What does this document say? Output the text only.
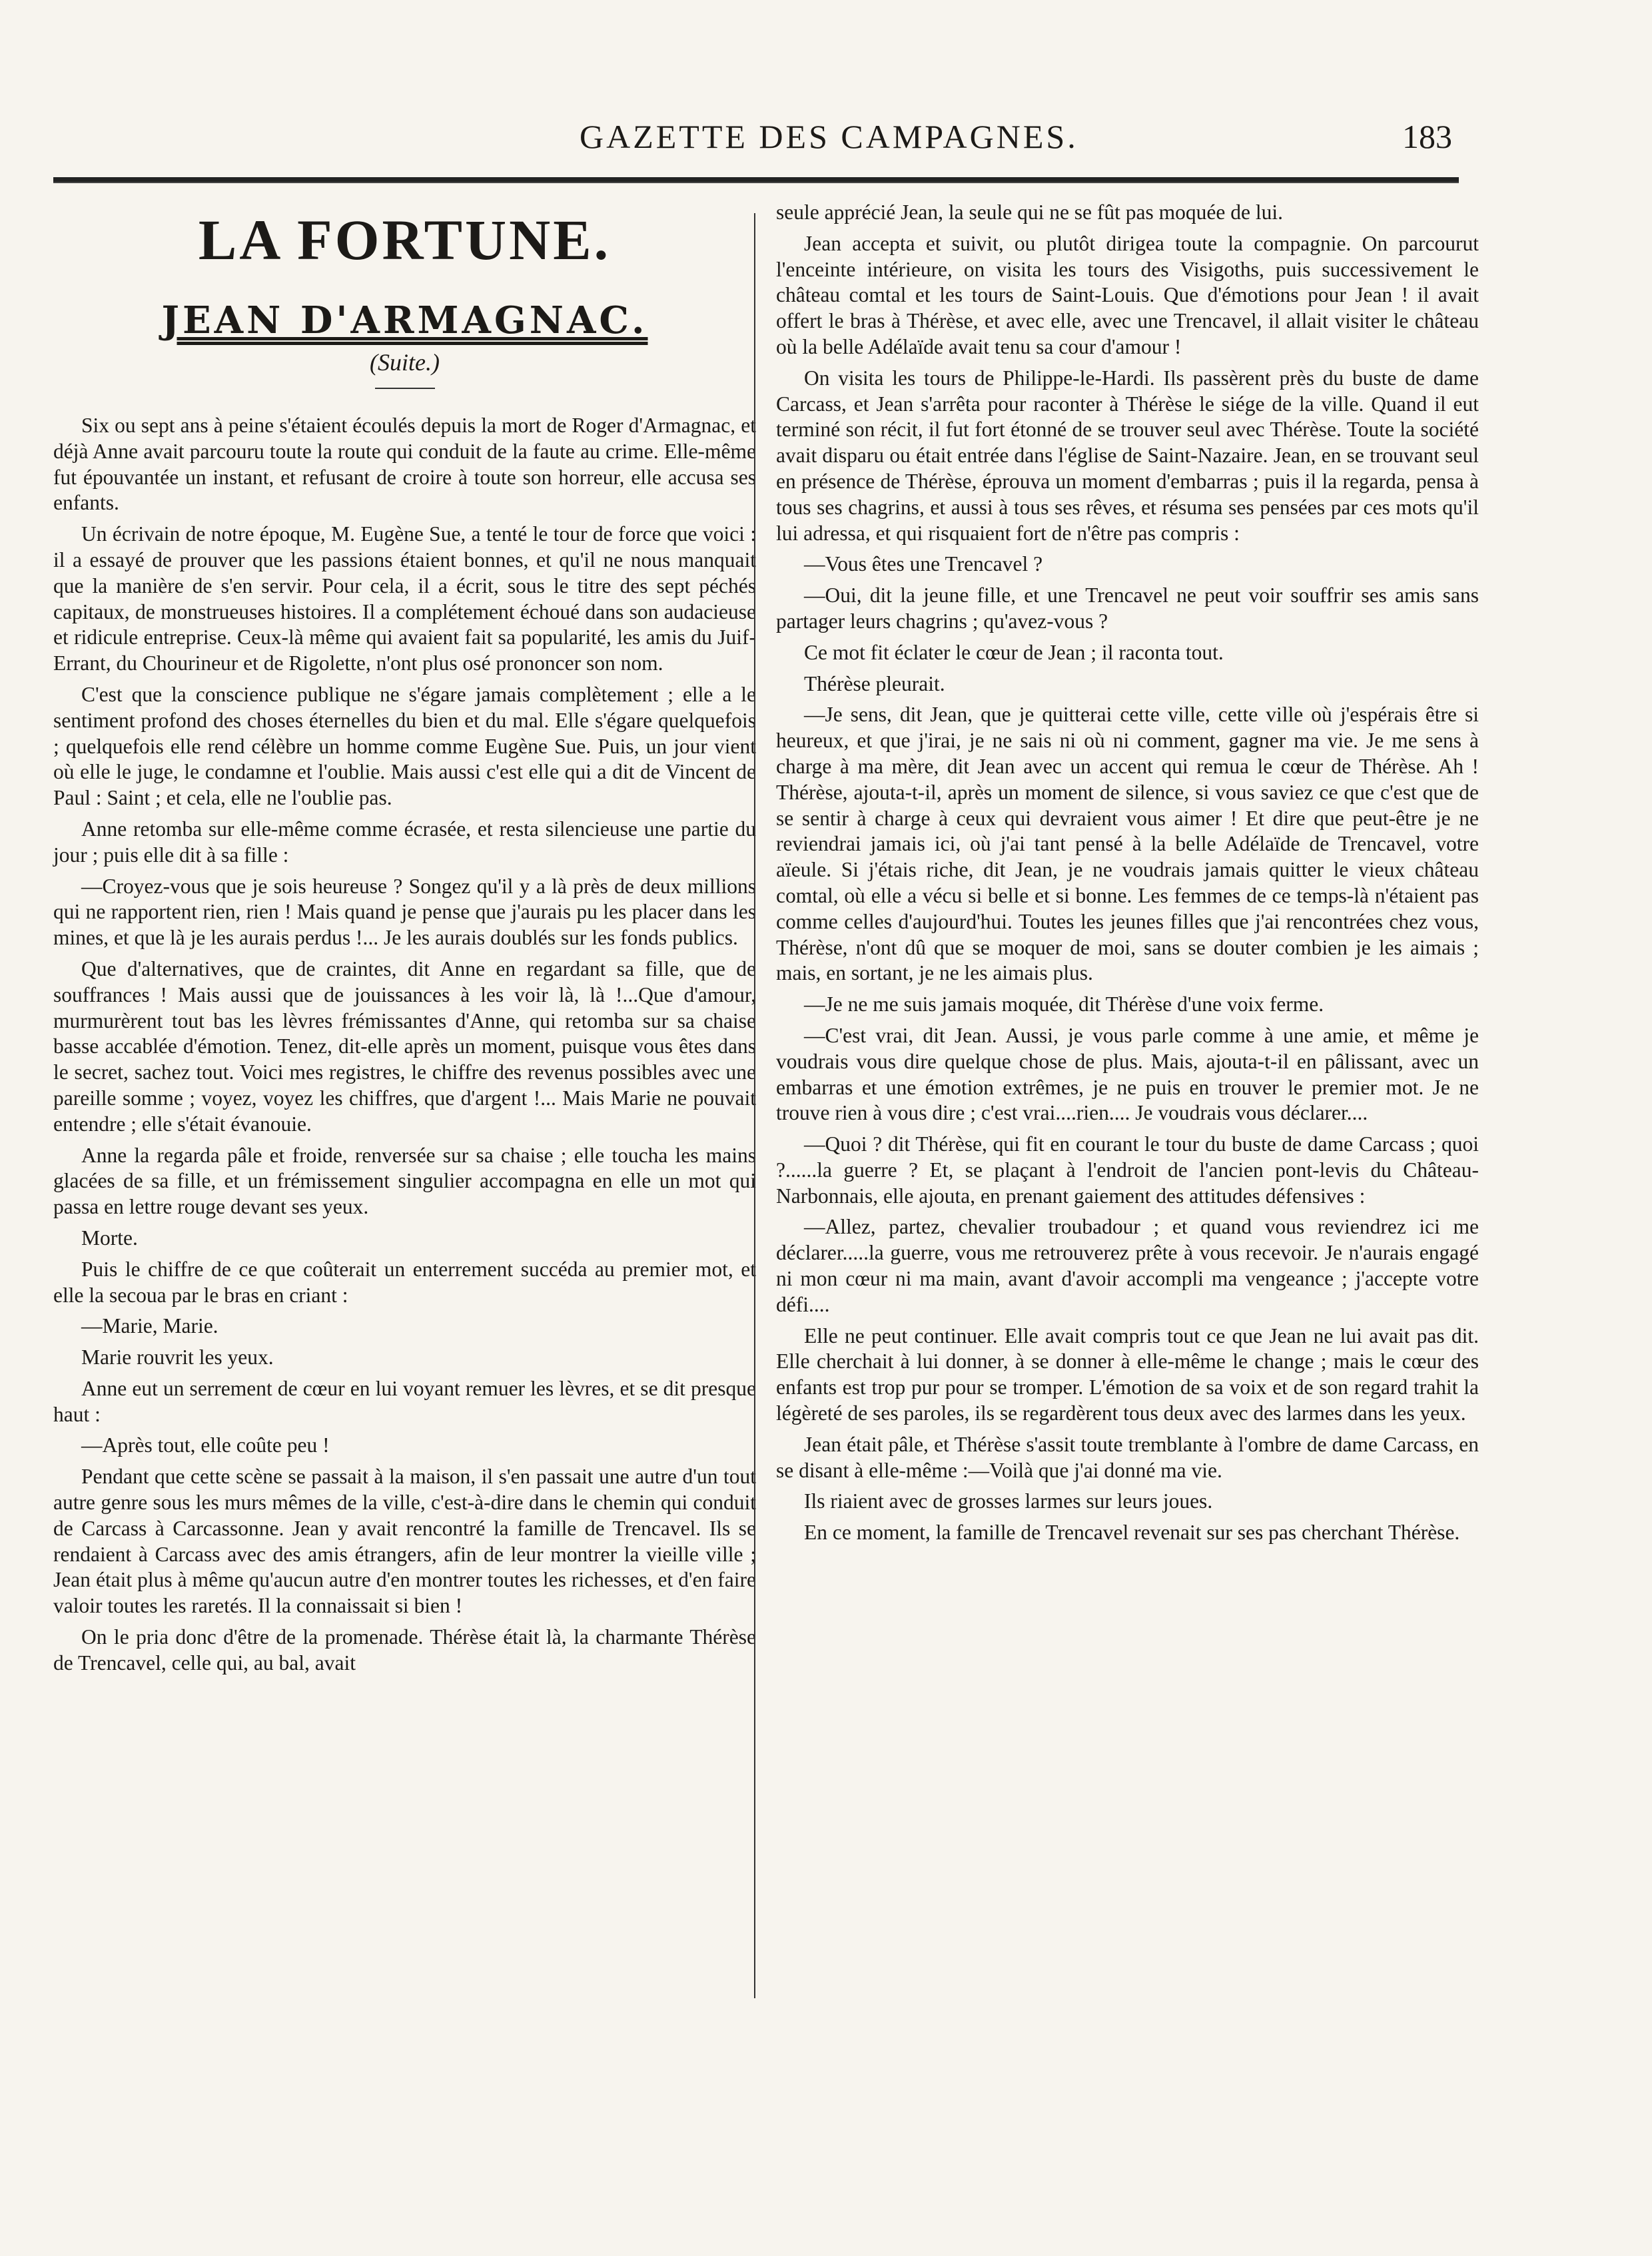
GAZETTE DES CAMPAGNES.	183
LA FORTUNE.
JEAN D'ARMAGNAC.
(Suite.)

Six ou sept ans à peine s'étaient écoulés depuis la mort de Roger d'Armagnac, et déjà Anne avait parcouru toute la route qui conduit de la faute au crime. Elle-même fut épouvantée un instant, et refusant de croire à toute son horreur, elle accusa ses enfants.

Un écrivain de notre époque, M. Eugène Sue, a tenté le tour de force que voici : il a essayé de prouver que les passions étaient bonnes, et qu'il ne nous manquait que la manière de s'en servir. Pour cela, il a écrit, sous le titre des sept péchés capitaux, de monstrueuses histoires. Il a complétement échoué dans son audacieuse et ridicule entreprise. Ceux-là même qui avaient fait sa popularité, les amis du Juif-Errant, du Chourineur et de Rigolette, n'ont plus osé prononcer son nom.

C'est que la conscience publique ne s'égare jamais complètement ; elle a le sentiment profond des choses éternelles du bien et du mal. Elle s'égare quelquefois ; quelquefois elle rend célèbre un homme comme Eugène Sue. Puis, un jour vient où elle le juge, le condamne et l'oublie. Mais aussi c'est elle qui a dit de Vincent de Paul : Saint ; et cela, elle ne l'oublie pas.

Anne retomba sur elle-même comme écrasée, et resta silencieuse une partie du jour ; puis elle dit à sa fille :

—Croyez-vous que je sois heureuse ? Songez qu'il y a là près de deux millions qui ne rapportent rien, rien ! Mais quand je pense que j'aurais pu les placer dans les mines, et que là je les aurais perdus !... Je les aurais doublés sur les fonds publics.

Que d'alternatives, que de craintes, dit Anne en regardant sa fille, que de souffrances ! Mais aussi que de jouissances à les voir là, là !...Que d'amour, murmurèrent tout bas les lèvres frémissantes d'Anne, qui retomba sur sa chaise basse accablée d'émotion. Tenez, dit-elle après un moment, puisque vous êtes dans le secret, sachez tout. Voici mes registres, le chiffre des revenus possibles avec une pareille somme ; voyez, voyez les chiffres, que d'argent !... Mais Marie ne pouvait entendre ; elle s'était évanouie.

Anne la regarda pâle et froide, renversée sur sa chaise ; elle toucha les mains glacées de sa fille, et un frémissement singulier accompagna en elle un mot qui passa en lettre rouge devant ses yeux.

Morte.

Puis le chiffre de ce que coûterait un enterrement succéda au premier mot, et elle la secoua par le bras en criant :

—Marie, Marie.

Marie rouvrit les yeux.

Anne eut un serrement de cœur en lui voyant remuer les lèvres, et se dit presque haut :

—Après tout, elle coûte peu !

Pendant que cette scène se passait à la maison, il s'en passait une autre d'un tout autre genre sous les murs mêmes de la ville, c'est-à-dire dans le chemin qui conduit de Carcass à Carcassonne. Jean y avait rencontré la famille de Trencavel. Ils se rendaient à Carcass avec des amis étrangers, afin de leur montrer la vieille ville ; Jean était plus à même qu'aucun autre d'en montrer toutes les richesses, et d'en faire valoir toutes les raretés. Il la connaissait si bien !

On le pria donc d'être de la promenade. Thérèse était là, la charmante Thérèse de Trencavel, celle qui, au bal, avait

seule apprécié Jean, la seule qui ne se fût pas moquée de lui.

Jean accepta et suivit, ou plutôt dirigea toute la compagnie. On parcourut l'enceinte intérieure, on visita les tours des Visigoths, puis successivement le château comtal et les tours de Saint-Louis. Que d'émotions pour Jean ! il avait offert le bras à Thérèse, et avec elle, avec une Trencavel, il allait visiter le château où la belle Adélaïde avait tenu sa cour d'amour !

On visita les tours de Philippe-le-Hardi. Ils passèrent près du buste de dame Carcass, et Jean s'arrêta pour raconter à Thérèse le siége de la ville. Quand il eut terminé son récit, il fut fort étonné de se trouver seul avec Thérèse. Toute la société avait disparu ou était entrée dans l'église de Saint-Nazaire. Jean, en se trouvant seul en présence de Thérèse, éprouva un moment d'embarras ; puis il la regarda, pensa à tous ses chagrins, et aussi à tous ses rêves, et résuma ses pensées par ces mots qu'il lui adressa, et qui risquaient fort de n'être pas compris :

—Vous êtes une Trencavel ?

—Oui, dit la jeune fille, et une Trencavel ne peut voir souffrir ses amis sans partager leurs chagrins ; qu'avez-vous ?

Ce mot fit éclater le cœur de Jean ; il raconta tout.

Thérèse pleurait.

—Je sens, dit Jean, que je quitterai cette ville, cette ville où j'espérais être si heureux, et que j'irai, je ne sais ni où ni comment, gagner ma vie. Je me sens à charge à ma mère, dit Jean avec un accent qui remua le cœur de Thérèse. Ah ! Thérèse, ajouta-t-il, après un moment de silence, si vous saviez ce que c'est que de se sentir à charge à ceux qui devraient vous aimer ! Et dire que peut-être je ne reviendrai jamais ici, où j'ai tant pensé à la belle Adélaïde de Trencavel, votre aïeule. Si j'étais riche, dit Jean, je ne voudrais jamais quitter le vieux château comtal, où elle a vécu si belle et si bonne. Les femmes de ce temps-là n'étaient pas comme celles d'aujourd'hui. Toutes les jeunes filles que j'ai rencontrées chez vous, Thérèse, n'ont dû que se moquer de moi, sans se douter combien je les aimais ; mais, en sortant, je ne les aimais plus.

—Je ne me suis jamais moquée, dit Thérèse d'une voix ferme.

—C'est vrai, dit Jean. Aussi, je vous parle comme à une amie, et même je voudrais vous dire quelque chose de plus. Mais, ajouta-t-il en pâlissant, avec un embarras et une émotion extrêmes, je ne puis en trouver le premier mot. Je ne trouve rien à vous dire ; c'est vrai....rien.... Je voudrais vous déclarer....

—Quoi ? dit Thérèse, qui fit en courant le tour du buste de dame Carcass ; quoi ?......la guerre ? Et, se plaçant à l'endroit de l'ancien pont-levis du Château-Narbonnais, elle ajouta, en prenant gaiement des attitudes défensives :

—Allez, partez, chevalier troubadour ; et quand vous reviendrez ici me déclarer.....la guerre, vous me retrouverez prête à vous recevoir. Je n'aurais engagé ni mon cœur ni ma main, avant d'avoir accompli ma vengeance ; j'accepte votre défi....

Elle ne peut continuer. Elle avait compris tout ce que Jean ne lui avait pas dit. Elle cherchait à lui donner, à se donner à elle-même le change ; mais le cœur des enfants est trop pur pour se tromper. L'émotion de sa voix et de son regard trahit la légèreté de ses paroles, ils se regardèrent tous deux avec des larmes dans les yeux.

Jean était pâle, et Thérèse s'assit toute tremblante à l'ombre de dame Carcass, en se disant à elle-même :—Voilà que j'ai donné ma vie.

Ils riaient avec de grosses larmes sur leurs joues.

En ce moment, la famille de Trencavel revenait sur ses pas cherchant Thérèse.
